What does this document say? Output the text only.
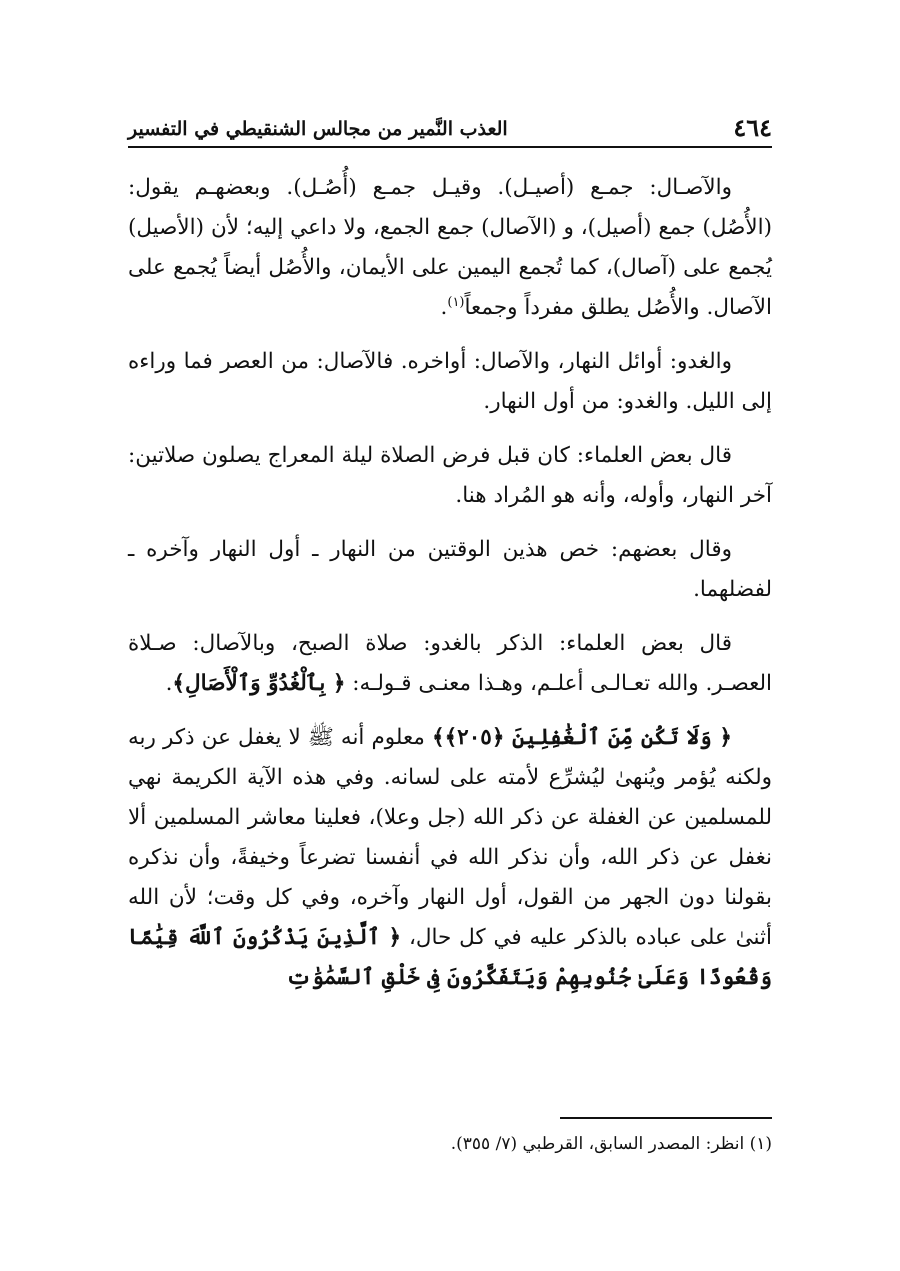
٤٦٤
العذب النَّمير من مجالس الشنقيطي في التفسير

والآصـال: جمـع (أصيـل). وقيـل جمـع (أُصُـل). وبعضهـم يقول: (الأُصُل) جمع (أصيل)، و (الآصال) جمع الجمع، ولا داعي إليه؛ لأن (الأصيل) يُجمع على (آصال)، كما تُجمع اليمين على الأيمان، والأُصُل أيضاً يُجمع على الآصال. والأُصُل يطلق مفرداً وجمعاً$^{(١)}$.

والغدو: أوائل النهار، والآصال: أواخره. فالآصال: من العصر فما وراءه إلى الليل. والغدو: من أول النهار.

قال بعض العلماء: كان قبل فرض الصلاة ليلة المعراج يصلون صلاتين: آخر النهار، وأوله، وأنه هو المُراد هنا.

وقال بعضهم: خص هذين الوقتين من النهار ـ أول النهار وآخره ـ لفضلهما.

قال بعض العلماء: الذكر بالغدو: صلاة الصبح، وبالآصال: صـلاة العصـر. والله تعـالـى أعلـم، وهـذا معنـى قـولـه: ﴿ بِٱلْغُدُوِّ وَٱلْأَصَالِ﴾.

﴿ وَلَا تَكُن مِّنَ ٱلْغَٰفِلِينَ ﴿٢٠٥﴾﴾ معلوم أنه ﷺ لا يغفل عن ذكر ربه ولكنه يُؤمر ويُنهىٰ ليُشرِّع لأمته على لسانه. وفي هذه الآية الكريمة نهي للمسلمين عن الغفلة عن ذكر الله (جل وعلا)، فعلينا معاشر المسلمين ألا نغفل عن ذكر الله، وأن نذكر الله في أنفسنا تضرعاً وخيفةً، وأن نذكره بقولنا دون الجهر من القول، أول النهار وآخره، وفي كل وقت؛ لأن الله أثنىٰ على عباده بالذكر عليه في كل حال، ﴿ ٱلَّذِينَ يَذْكُرُونَ ٱللَّهَ قِيَٰمًا وَقُعُودًا وَعَلَىٰ جُنُوبِهِمْ وَيَتَفَكَّرُونَ فِى خَلْقِ ٱلسَّمَٰوَٰتِ

(١) انظر: المصدر السابق، القرطبي (٧/ ٣٥٥).
